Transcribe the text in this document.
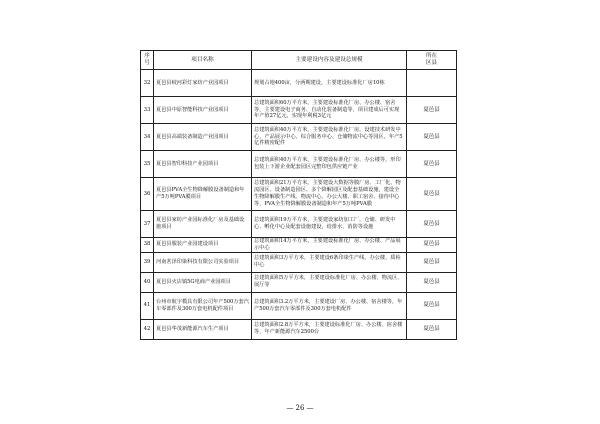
序
号	项目名称	主要建设内容及建设总规模	所在
区县
32	夏邑县岐河彩灯家纺产业园项目	规划占地400亩，分两期建设，主要建设标准化厂房10栋	
33	夏邑县中原智能科技产业园项目	总建筑面积60万平方米，主要建设标准化厂房、办公楼、宿舍等，主要建设电子商务、自动化装备制造等，项目建成后可实现年产值27亿元，实现年利税3亿元	夏邑县
34	夏邑县高端装备制造产业园项目	总建筑面积40万平方米，主要建设标准化厂房，设建技术研发中心、产品展示中心、综合服务中心、仓储物流中心等园区，年产5亿件精密配件	夏邑县
35	夏邑县智印科技产业园项目	总建筑面积40万平方米，主要建设标准化厂房、办公楼等，形印包装上下游企业配套园区完整印包供应链产业	夏邑县
36	夏邑县PVA全生物降解膜设备制造和年产5万吨PVA膜项目	总建筑面积21万平方米，主要建设大数据等膜厂房、工厂化、物流园区、设备制造园区、多个降解园区及配套基础设施，建设全生物降解膜生产线、物流中心、办公大楼、职工宿舍、接待中心等，PVA全生物降解膜设备制造和年产5万吨PVA膜	夏邑县
37	夏邑县家纺产业园标准化厂房及基础设施项目	总建筑面积19万平方米，主要建设家纺加工厂，仓储、研发中心、孵化中心及配套设施建设，给排水、消防等设施	夏邑县
38	夏邑县服装产业园建设项目	总建筑面积14万平方米，主要建设标准化厂房、办公楼、产品展示中心	夏邑县
39	河南茗泽印染科技有限公司实验项目	总建筑面积3万平方米，主要建设6条印染生产线、办公楼、质检中心	夏邑县
40	夏邑县火店镇5G电商产业园项目	总建筑面积5万平方米，主要建设标准化厂房、办公楼、物流区、展厅等	夏邑县
41	台州市航宇模具有限公司年产500万套汽车零部件及300万套电机配件项目	总建筑面积3.2万平方米，主要建设厂房、办公楼、宿舍楼等，年产500万套汽车零部件及300万套电机配件	夏邑县
42	夏邑县华茂新能源汽车生产项目	总建筑面积2.8万平方米，主要建设标准化厂房、办公楼、宿舍楼等，年产新能源汽车2500台	夏邑县
— 26 —
